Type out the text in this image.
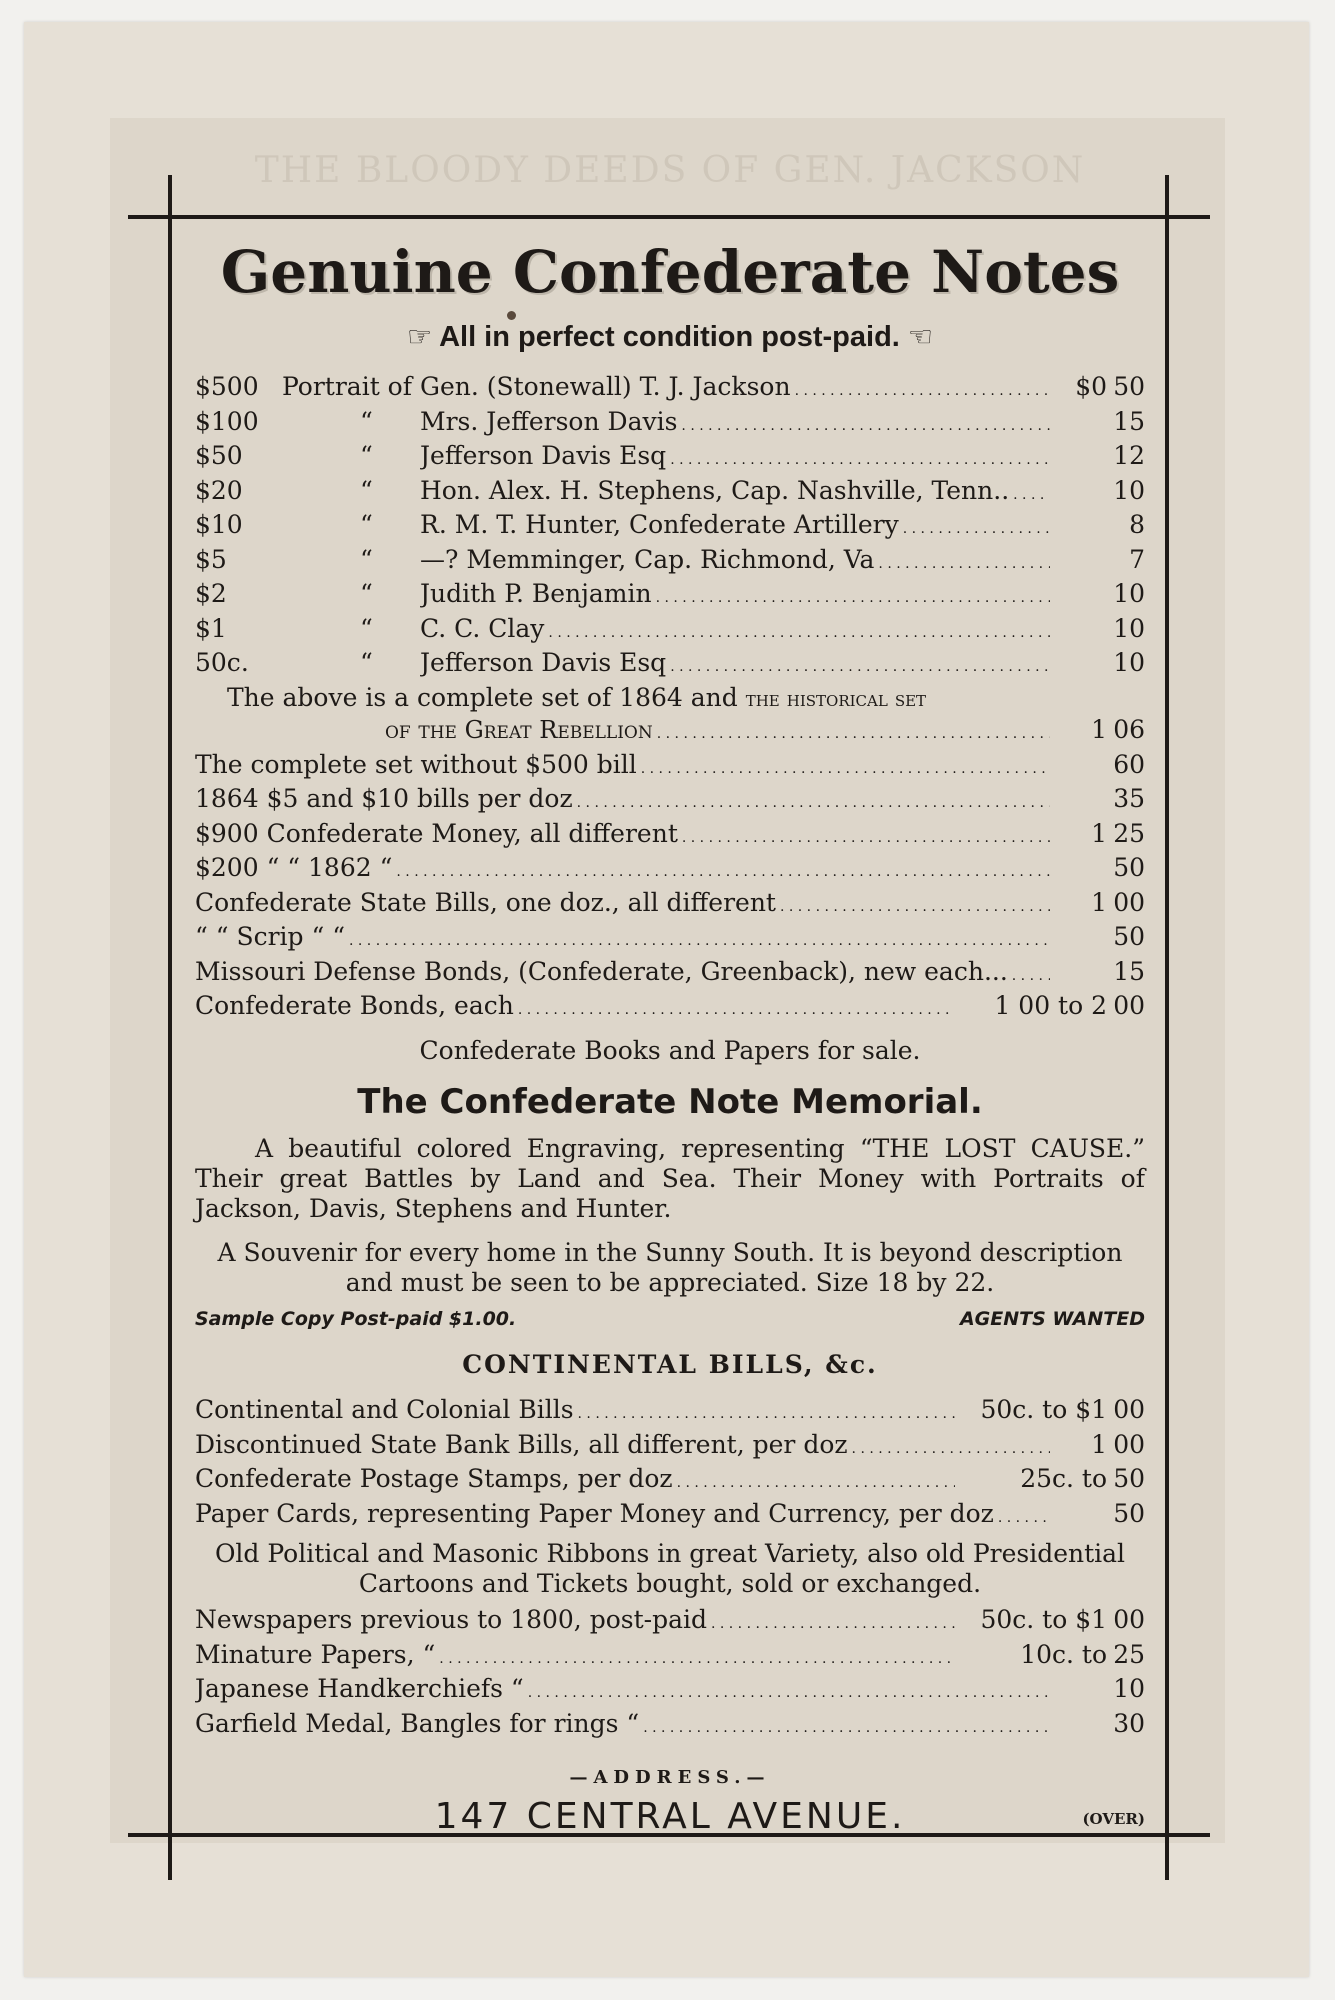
THE BLOODY DEEDS OF GEN. JACKSON
Genuine Confederate Notes
☞ All in perfect condition post-paid. ☜
$500 Portrait of Gen. (Stonewall) T. J. Jackson . . .	$0 50
$100	“	Mrs. Jefferson Davis . . .	15
$50	“	Jefferson Davis Esq . . .	12
$20	“	Hon. Alex. H. Stephens, Cap. Nashville, Tenn.. . . .	10
$10	“	R. M. T. Hunter, Confederate Artillery . . .	8
$5	“	—? Memminger, Cap. Richmond, Va . . .	7
$2	“	Judith P. Benjamin . . .	10
$1	“	C. C. Clay . . .	10
50c.	“	Jefferson Davis Esq . . .	10
The above is a complete set of 1864 and the historical set
of the Great Rebellion . . .	1 06
The complete set without $500 bill . . .	60
1864 $5 and $10 bills per doz . . .	35
$900 Confederate Money, all different . . .	1 25
$200 “ “ 1862 “ . . .	50
Confederate State Bills, one doz., all different . . .	1 00
“ “ Scrip “ “ . . .	50
Missouri Defense Bonds, (Confederate, Greenback), new each... . . .	15
Confederate Bonds, each . . .	1 00 to 2 00
Confederate Books and Papers for sale.
The Confederate Note Memorial.

A beautiful colored Engraving, representing “THE LOST CAUSE.” Their great Battles by Land and Sea. Their Money with Portraits of Jackson, Davis, Stephens and Hunter.

A Souvenir for every home in the Sunny South. It is beyond description and must be seen to be appreciated. Size 18 by 22.

Sample Copy Post-paid $1.00.	AGENTS WANTED
CONTINENTAL BILLS, &c.
Continental and Colonial Bills . . .	50c. to $1 00
Discontinued State Bank Bills, all different, per doz . . .	1 00
Confederate Postage Stamps, per doz . . .	25c. to 50
Paper Cards, representing Paper Money and Currency, per doz . . .	50
Old Political and Masonic Ribbons in great Variety, also old Presidential Cartoons and Tickets bought, sold or exchanged.
Newspapers previous to 1800, post-paid . . .	50c. to $1 00
Minature Papers, “ . . .	10c. to 25
Japanese Handkerchiefs “ . . .	10
Garfield Medal, Bangles for rings “ . . .	30
—ADDRESS.—
147 CENTRAL AVENUE.	(OVER)
